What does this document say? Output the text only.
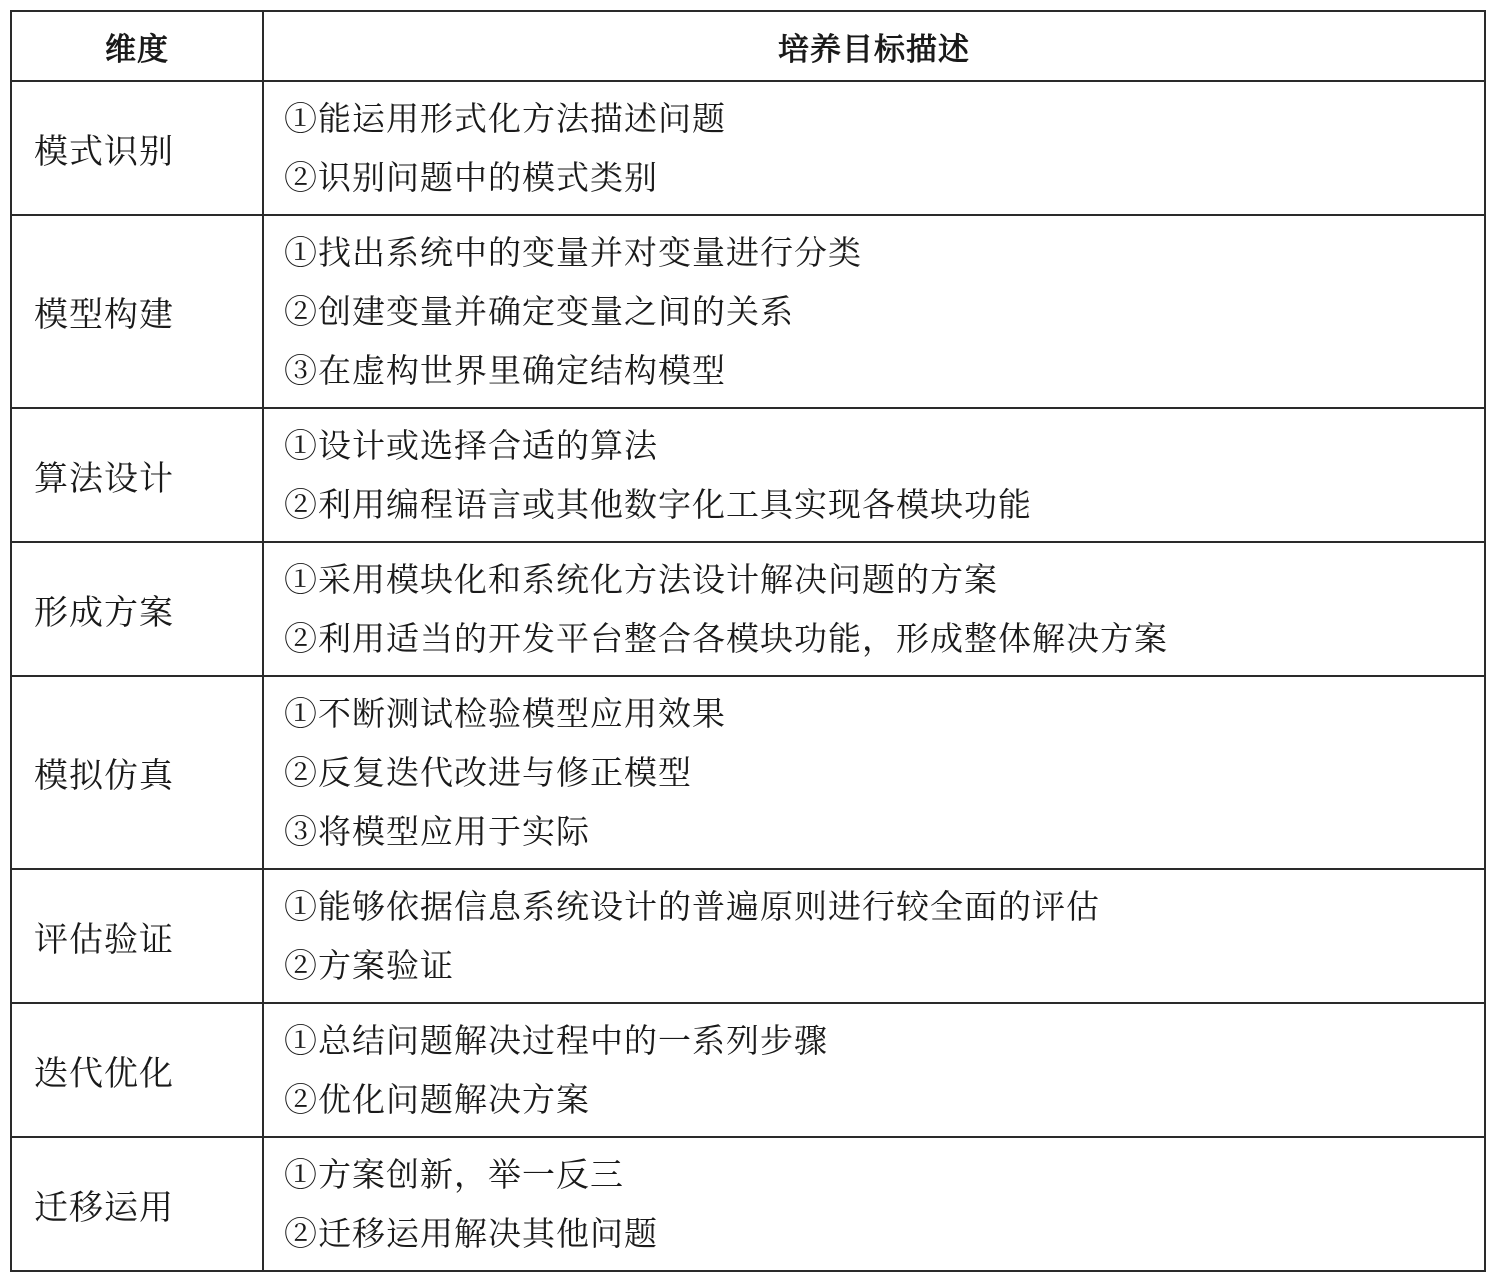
维度	培养目标描述
模式识别	①能运用形式化方法描述问题
②识别问题中的模式类别

模型构建	①找出系统中的变量并对变量进行分类
②创建变量并确定变量之间的关系
③在虚构世界里确定结构模型

算法设计	①设计或选择合适的算法
②利用编程语言或其他数字化工具实现各模块功能

形成方案	①采用模块化和系统化方法设计解决问题的方案
②利用适当的开发平台整合各模块功能，形成整体解决方案

模拟仿真	①不断测试检验模型应用效果
②反复迭代改进与修正模型
③将模型应用于实际

评估验证	①能够依据信息系统设计的普遍原则进行较全面的评估
②方案验证

迭代优化	①总结问题解决过程中的一系列步骤
②优化问题解决方案

迁移运用	①方案创新，举一反三
②迁移运用解决其他问题
